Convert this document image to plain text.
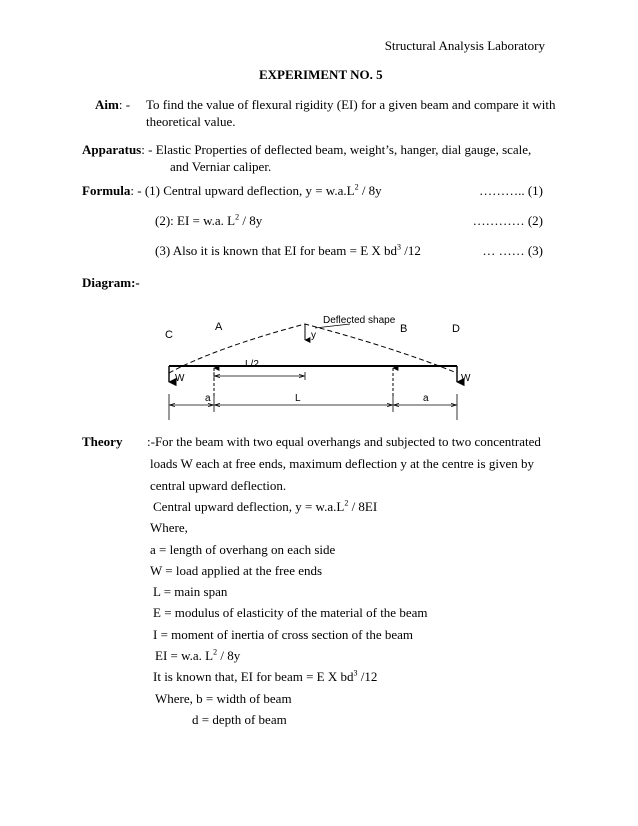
Structural Analysis Laboratory
EXPERIMENT NO. 5
Aim: - To find the value of flexural rigidity (EI) for a given beam and compare it with
theoretical value.
Apparatus: - Elastic Properties of deflected beam, weight’s, hanger, dial gauge, scale,
and Verniar caliper.
Formula: - (1) Central upward deflection, $y = w.a.L^2 / 8y$	……….. (1)
(2): EI = w.a. $L^2 / 8y$	………… (2)
(3) Also it is known that EI for beam = E X $bd^3$ /12	… …… (3)
Diagram:-
Deflected shape
C
A	B	D
y
W	W
L/2
a	L	a
Theory :-For the beam with two equal overhangs and subjected to two concentrated
loads W each at free ends, maximum deflection y at the centre is given by
central upward deflection.
Central upward deflection, $y = w.a.L^2 / 8EI$
Where,
a = length of overhang on each side
W = load applied at the free ends
L = main span
E = modulus of elasticity of the material of the beam
I = moment of inertia of cross section of the beam
EI = w.a. $L^2 / 8y$
It is known that, EI for beam = E X $bd^3$ /12
Where, b = width of beam
d = depth of beam
